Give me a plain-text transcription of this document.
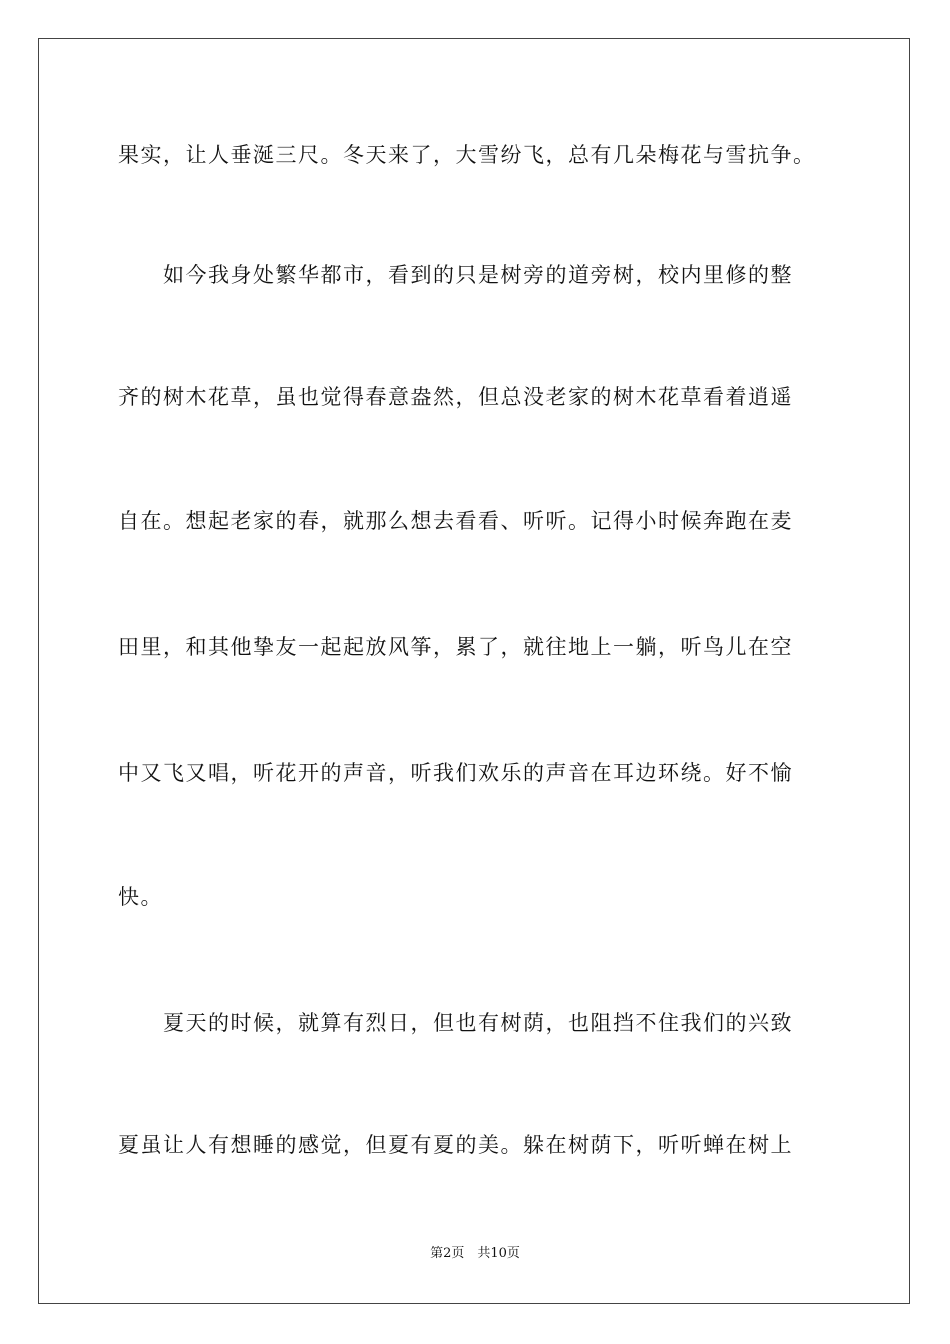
果实，让人垂涎三尺。冬天来了，大雪纷飞，总有几朵梅花与雪抗争。
　　如今我身处繁华都市，看到的只是树旁的道旁树，校内里修的整
齐的树木花草，虽也觉得春意盎然，但总没老家的树木花草看着逍遥
自在。想起老家的春，就那么想去看看、听听。记得小时候奔跑在麦
田里，和其他挚友一起起放风筝，累了，就往地上一躺，听鸟儿在空
中又飞又唱，听花开的声音，听我们欢乐的声音在耳边环绕。好不愉
快。
　　夏天的时候，就算有烈日，但也有树荫，也阻挡不住我们的兴致
夏虽让人有想睡的感觉，但夏有夏的美。躲在树荫下，听听蝉在树上
第2页　共10页
